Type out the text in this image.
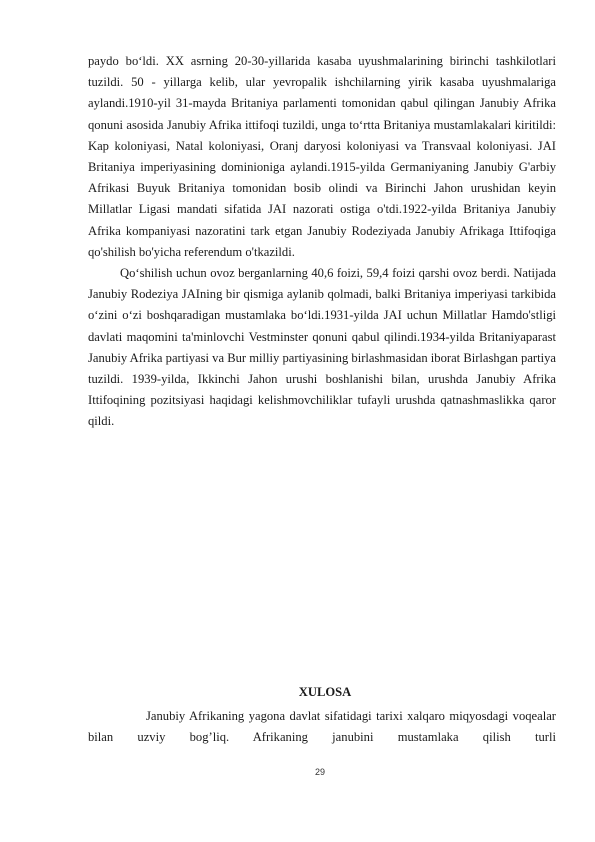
paydo bo‘ldi. XX asrning 20-30-yillarida kasaba uyushmalarining birinchi tashkilotlari tuzildi. 50 - yillarga kelib, ular yevropalik ishchilarning yirik kasaba uyushmalariga aylandi.1910-yil 31-mayda Britaniya parlamenti tomonidan qabul qilingan Janubiy Afrika qonuni asosida Janubiy Afrika ittifoqi tuzildi, unga to‘rtta Britaniya mustamlakalari kiritildi: Kap koloniyasi, Natal koloniyasi, Oranj daryosi koloniyasi va Transvaal koloniyasi. JAI Britaniya imperiyasining dominioniga aylandi.1915-yilda Germaniyaning Janubiy G'arbiy Afrikasi Buyuk Britaniya tomonidan bosib olindi va Birinchi Jahon urushidan keyin Millatlar Ligasi mandati sifatida JAI nazorati ostiga o'tdi.1922-yilda Britaniya Janubiy Afrika kompaniyasi nazoratini tark etgan Janubiy Rodeziyada Janubiy Afrikaga Ittifoqiga qo'shilish bo'yicha referendum o'tkazildi.

Qo‘shilish uchun ovoz berganlarning 40,6 foizi, 59,4 foizi qarshi ovoz berdi. Natijada Janubiy Rodeziya JAIning bir qismiga aylanib qolmadi, balki Britaniya imperiyasi tarkibida o‘zini o‘zi boshqaradigan mustamlaka bo‘ldi.1931-yilda JAI uchun Millatlar Hamdo'stligi davlati maqomini ta'minlovchi Vestminster qonuni qabul qilindi.1934-yilda Britaniyaparast Janubiy Afrika partiyasi va Bur milliy partiyasining birlashmasidan iborat Birlashgan partiya tuzildi. 1939-yilda, Ikkinchi Jahon urushi boshlanishi bilan, urushda Janubiy Afrika Ittifoqining pozitsiyasi haqidagi kelishmovchiliklar tufayli urushda qatnashmaslikka qaror qildi.

XULOSA

Janubiy Afrikaning yagona davlat sifatidagi tarixi xalqaro miqyosdagi voqealar bilan uzviy bog’liq. Afrikaning janubini mustamlaka qilish turli

29
